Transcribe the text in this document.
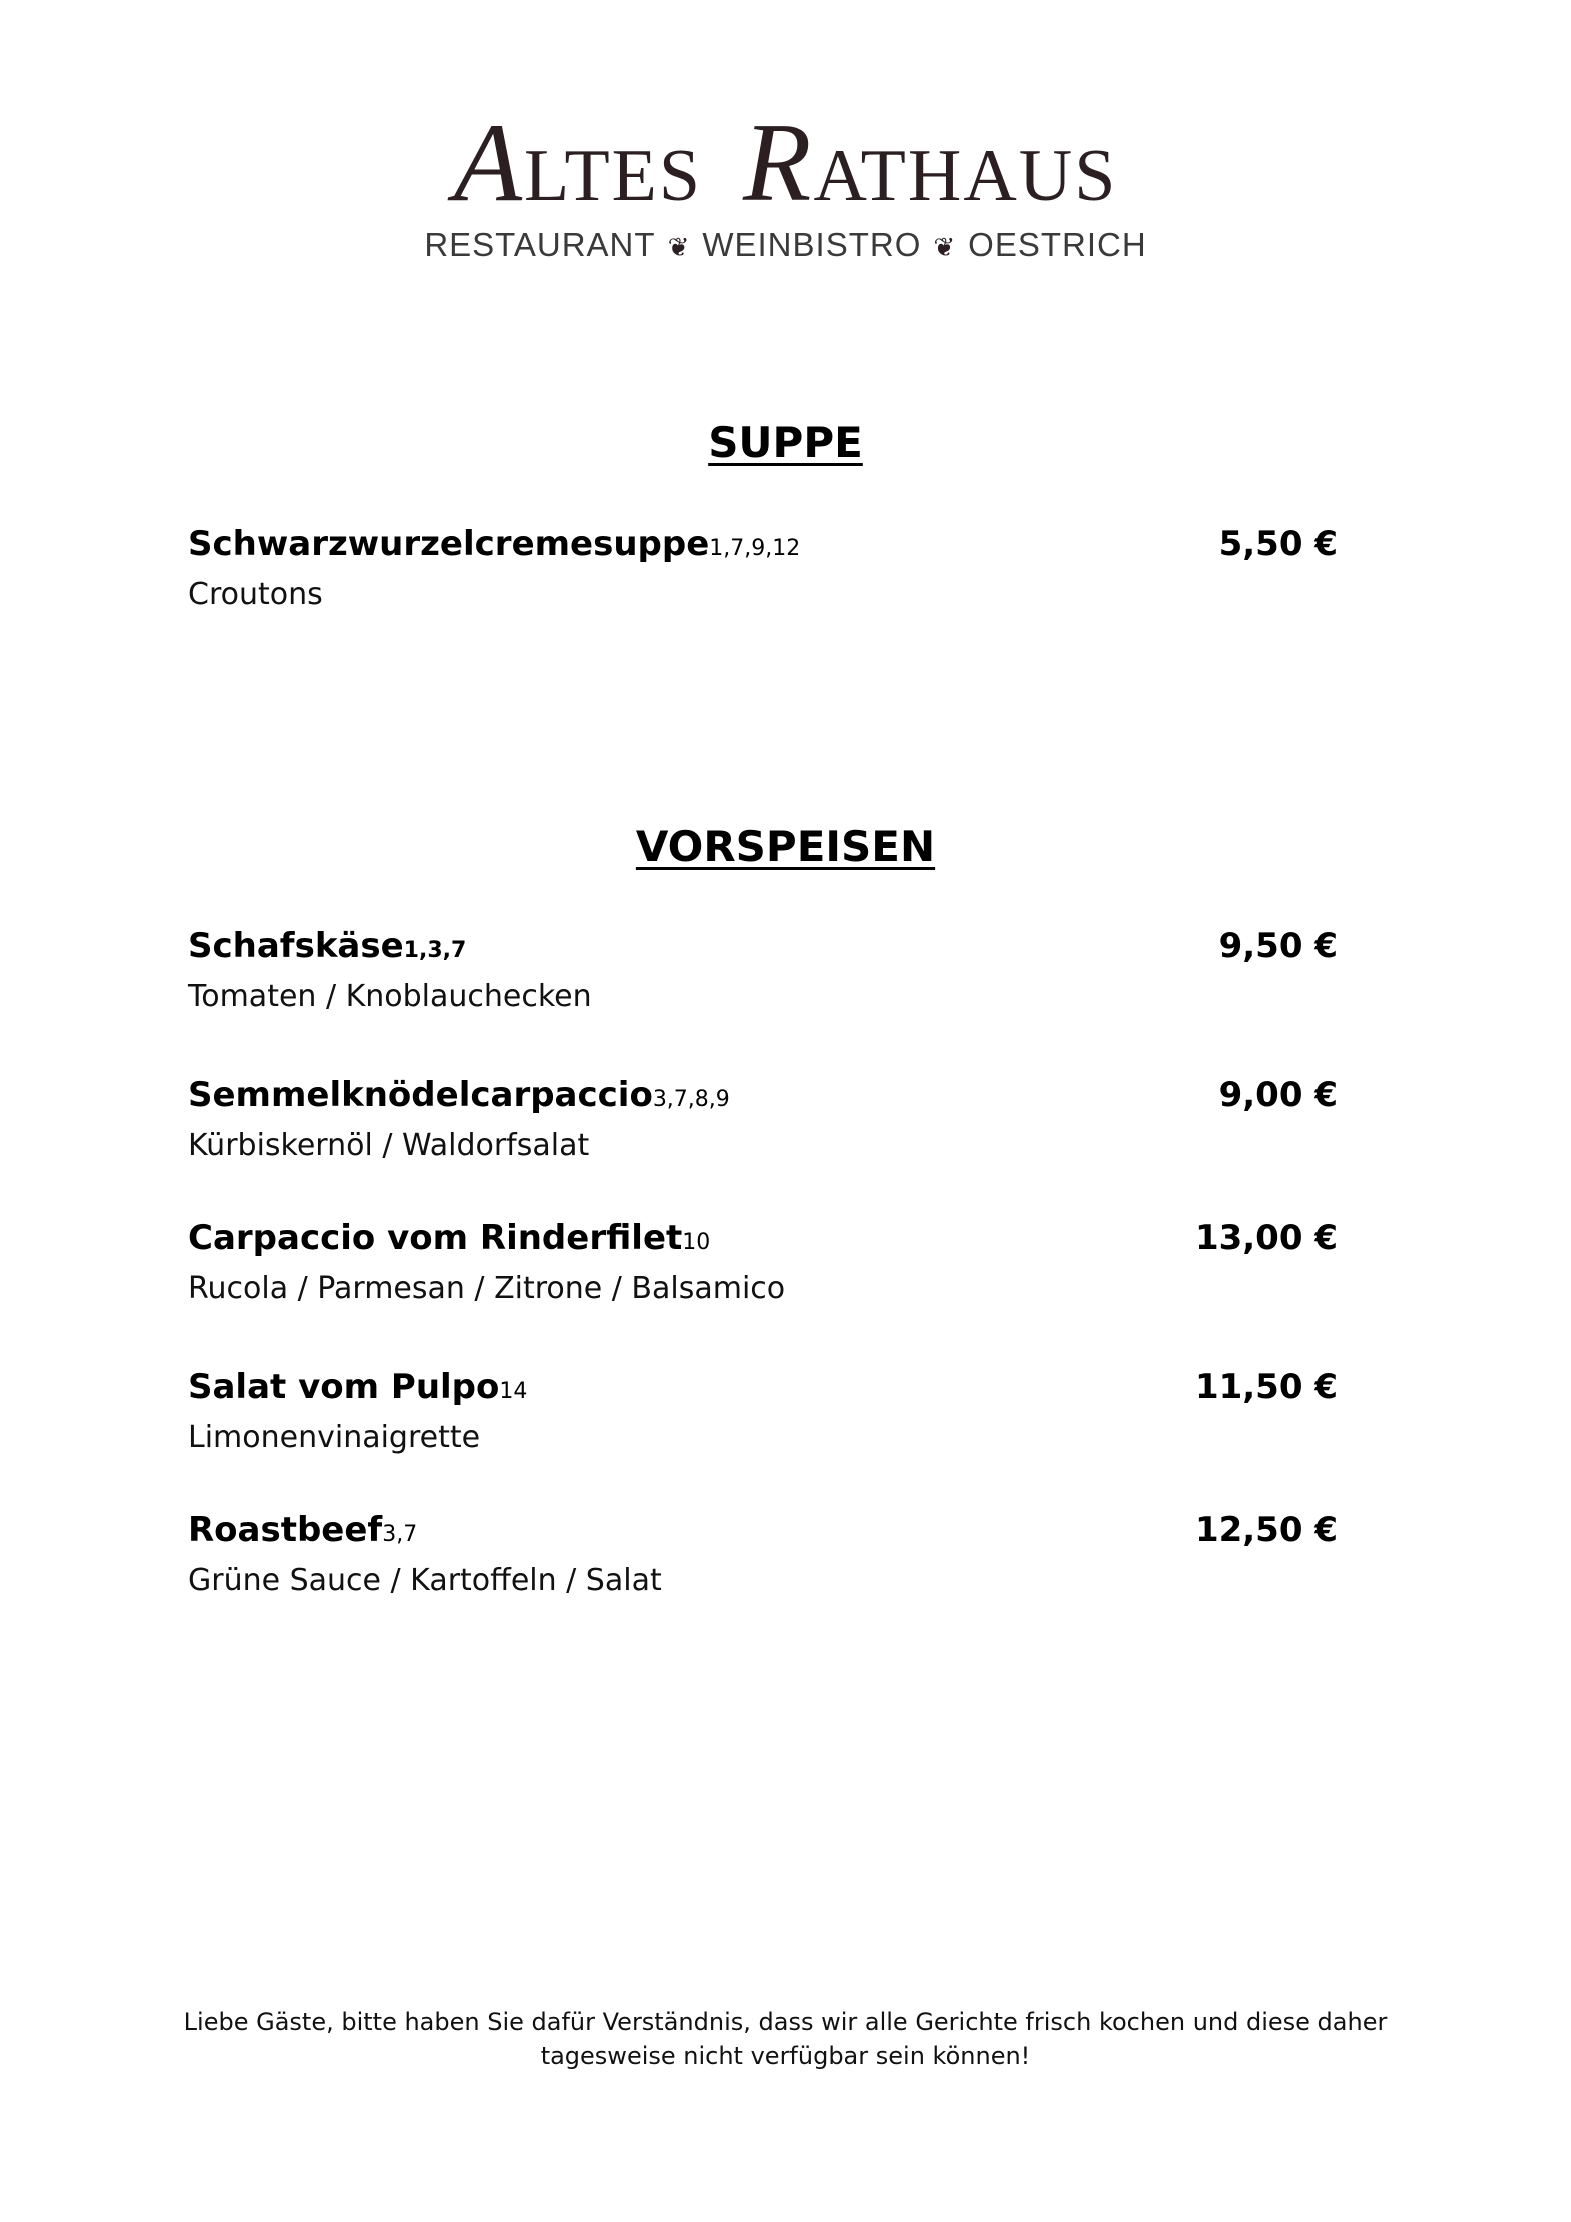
ALTES RATHAUS
RESTAURANT ❦ WEINBISTRO ❦ OESTRICH
SUPPE
Schwarzwurzelcremesuppe1,7,9,12
Croutons
5,50 €
VORSPEISEN
Schafskäse1,3,7
Tomaten / Knoblauchecken
9,50 €
Semmelknödelcarpaccio3,7,8,9
Kürbiskernöl / Waldorfsalat
9,00 €
Carpaccio vom Rinderfilet10
Rucola / Parmesan / Zitrone / Balsamico
13,00 €
Salat vom Pulpo14
Limonenvinaigrette
11,50 €
Roastbeef3,7
Grüne Sauce / Kartoffeln / Salat
12,50 €
Liebe Gäste, bitte haben Sie dafür Verständnis, dass wir alle Gerichte frisch kochen und diese daher
tagesweise nicht verfügbar sein können!
